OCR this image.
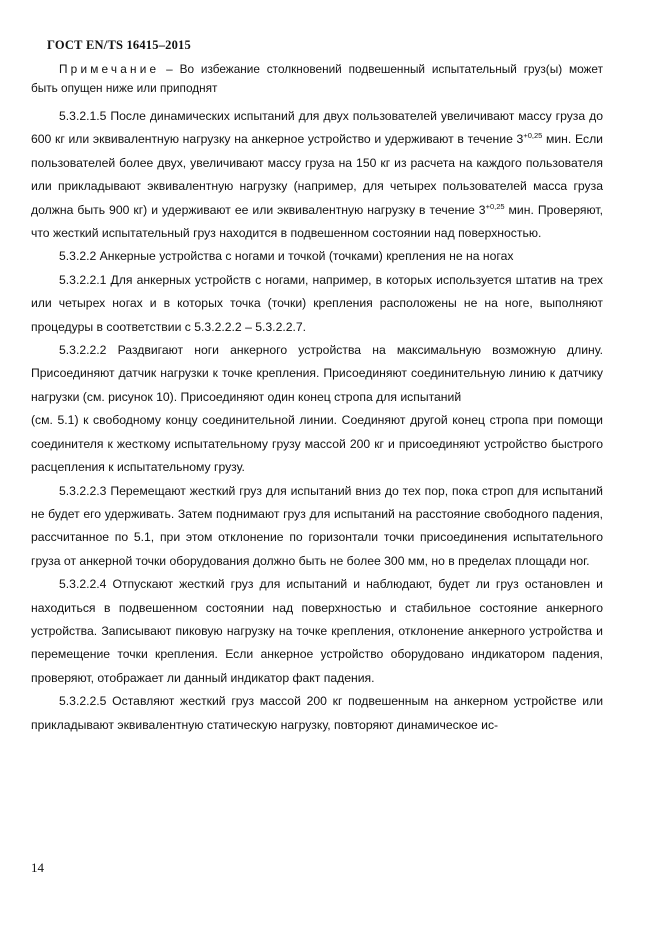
ГОСТ EN/TS 16415–2015

Примечание – Во избежание столкновений подвешенный испытательный груз(ы) может быть опущен ниже или приподнят

5.3.2.1.5 После динамических испытаний для двух пользователей увеличивают массу груза до 600 кг или эквивалентную нагрузку на анкерное устройство и удерживают в течение $3^{+0,25}$ мин. Если пользователей более двух, увеличивают массу груза на 150 кг из расчета на каждого пользователя или прикладывают эквивалентную нагрузку (например, для четырех пользователей масса груза должна быть 900 кг) и удерживают ее или эквивалентную нагрузку в течение $3^{+0,25}$ мин. Проверяют, что жесткий испытательный груз находится в подвешенном состоянии над поверхностью.

5.3.2.2 Анкерные устройства с ногами и точкой (точками) крепления не на ногах

5.3.2.2.1 Для анкерных устройств с ногами, например, в которых используется штатив на трех или четырех ногах и в которых точка (точки) крепления расположены не на ноге, выполняют процедуры в соответствии с 5.3.2.2.2 – 5.3.2.2.7.

5.3.2.2.2 Раздвигают ноги анкерного устройства на максимальную возможную длину. Присоединяют датчик нагрузки к точке крепления. Присоединяют соединительную линию к датчику нагрузки (см. рисунок 10). Присоединяют один конец стропа для испытаний

(см. 5.1) к свободному концу соединительной линии. Соединяют другой конец стропа при помощи соединителя к жесткому испытательному грузу массой 200 кг и присоединяют устройство быстрого расцепления к испытательному грузу.

5.3.2.2.3 Перемещают жесткий груз для испытаний вниз до тех пор, пока строп для испытаний не будет его удерживать. Затем поднимают груз для испытаний на расстояние свободного падения, рассчитанное по 5.1, при этом отклонение по горизонтали точки присоединения испытательного груза от анкерной точки оборудования должно быть не более 300 мм, но в пределах площади ног.

5.3.2.2.4 Отпускают жесткий груз для испытаний и наблюдают, будет ли груз остановлен и находиться в подвешенном состоянии над поверхностью и стабильное состояние анкерного устройства. Записывают пиковую нагрузку на точке крепления, отклонение анкерного устройства и перемещение точки крепления. Если анкерное устройство оборудовано индикатором падения, проверяют, отображает ли данный индикатор факт падения.

5.3.2.2.5 Оставляют жесткий груз массой 200 кг подвешенным на анкерном устройстве или прикладывают эквивалентную статическую нагрузку, повторяют динамическое ис-

14
